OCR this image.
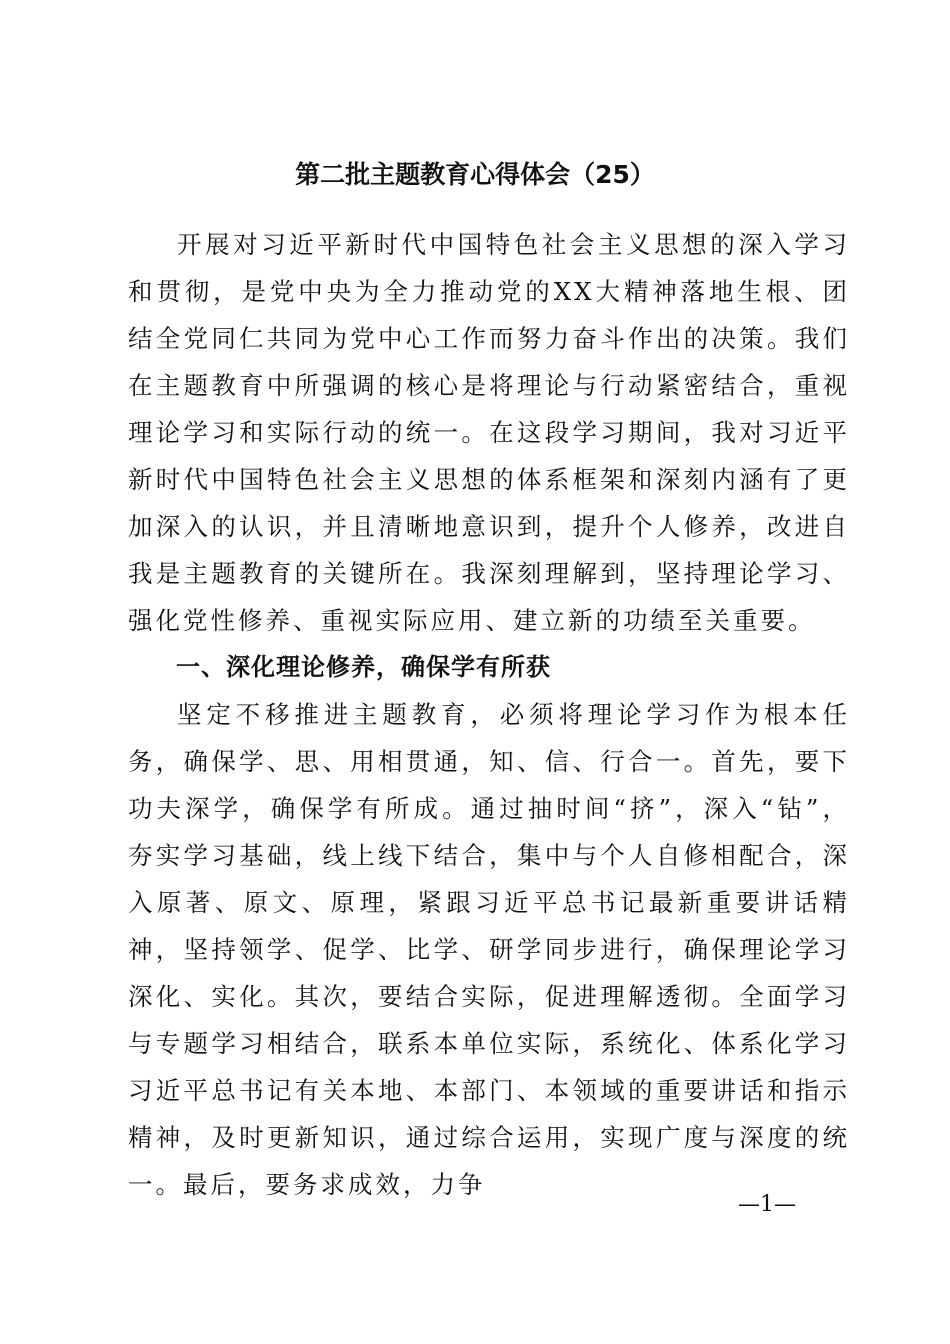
第二批主题教育心得体会（25）

开展对习近平新时代中国特色社会主义思想的深入学习和贯彻，是党中央为全力推动党的XX大精神落地生根、团结全党同仁共同为党中心工作而努力奋斗作出的决策。我们在主题教育中所强调的核心是将理论与行动紧密结合，重视理论学习和实际行动的统一。在这段学习期间，我对习近平新时代中国特色社会主义思想的体系框架和深刻内涵有了更加深入的认识，并且清晰地意识到，提升个人修养，改进自我是主题教育的关键所在。我深刻理解到，坚持理论学习、强化党性修养、重视实际应用、建立新的功绩至关重要。

一、深化理论修养，确保学有所获

坚定不移推进主题教育，必须将理论学习作为根本任务，确保学、思、用相贯通，知、信、行合一。首先，要下功夫深学，确保学有所成。通过抽时间“挤”，深入“钻”，夯实学习基础，线上线下结合，集中与个人自修相配合，深入原著、原文、原理，紧跟习近平总书记最新重要讲话精神，坚持领学、促学、比学、研学同步进行，确保理论学习深化、实化。其次，要结合实际，促进理解透彻。全面学习与专题学习相结合，联系本单位实际，系统化、体系化学习习近平总书记有关本地、本部门、本领域的重要讲话和指示精神，及时更新知识，通过综合运用，实现广度与深度的统一。最后，要务求成效，力争

—1—
